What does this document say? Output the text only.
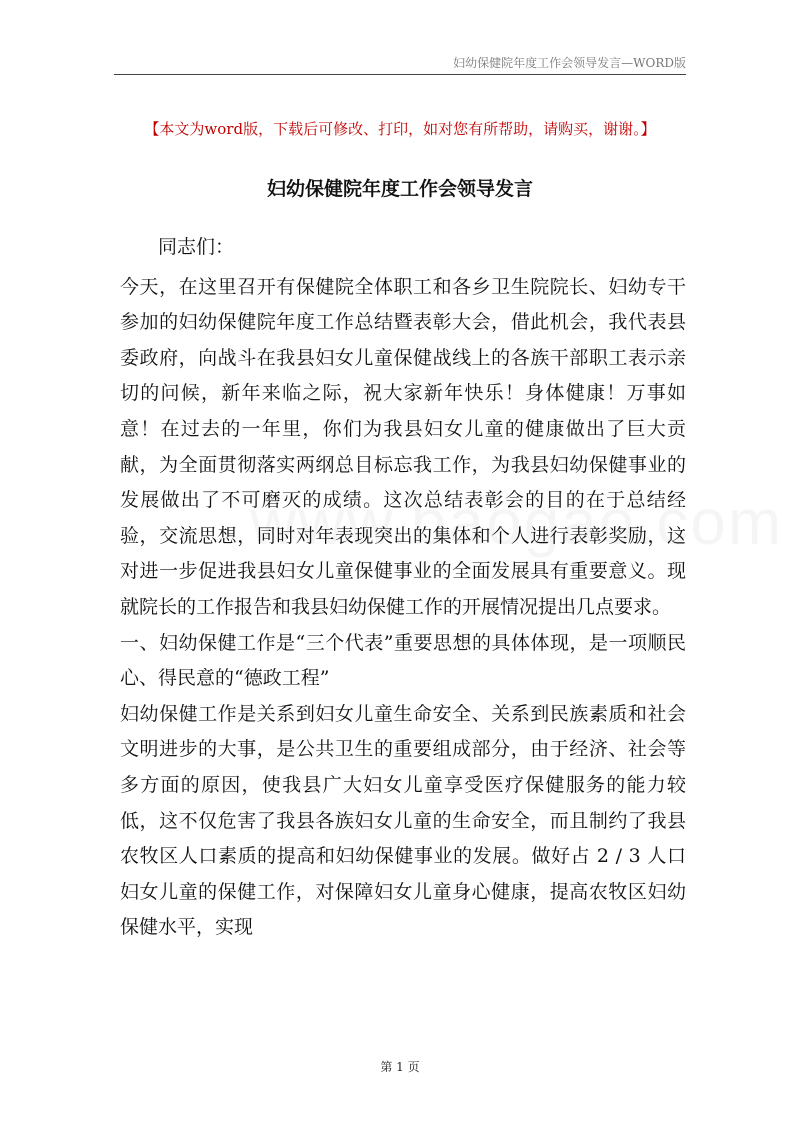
妇幼保健院年度工作会领导发言—WORD版
【本文为word版，下载后可修改、打印，如对您有所帮助，请购买，谢谢。】
妇幼保健院年度工作会领导发言

同志们：

今天，在这里召开有保健院全体职工和各乡卫生院院长、妇幼专干参加的妇幼保健院年度工作总结暨表彰大会，借此机会，我代表县委政府，向战斗在我县妇女儿童保健战线上的各族干部职工表示亲切的问候，新年来临之际，祝大家新年快乐！身体健康！万事如意！在过去的一年里，你们为我县妇女儿童的健康做出了巨大贡献，为全面贯彻落实两纲总目标忘我工作，为我县妇幼保健事业的发展做出了不可磨灭的成绩。这次总结表彰会的目的在于总结经验，交流思想，同时对年表现突出的集体和个人进行表彰奖励，这对进一步促进我县妇女儿童保健事业的全面发展具有重要意义。现就院长的工作报告和我县妇幼保健工作的开展情况提出几点要求。

一、妇幼保健工作是“三个代表”重要思想的具体体现，是一项顺民心、得民意的“德政工程”

妇幼保健工作是关系到妇女儿童生命安全、关系到民族素质和社会文明进步的大事，是公共卫生的重要组成部分，由于经济、社会等多方面的原因，使我县广大妇女儿童享受医疗保健服务的能力较低，这不仅危害了我县各族妇女儿童的生命安全，而且制约了我县农牧区人口素质的提高和妇幼保健事业的发展。做好占 2 / 3 人口妇女儿童的保健工作，对保障妇女儿童身心健康，提高农牧区妇幼保健水平，实现

第 1 页
